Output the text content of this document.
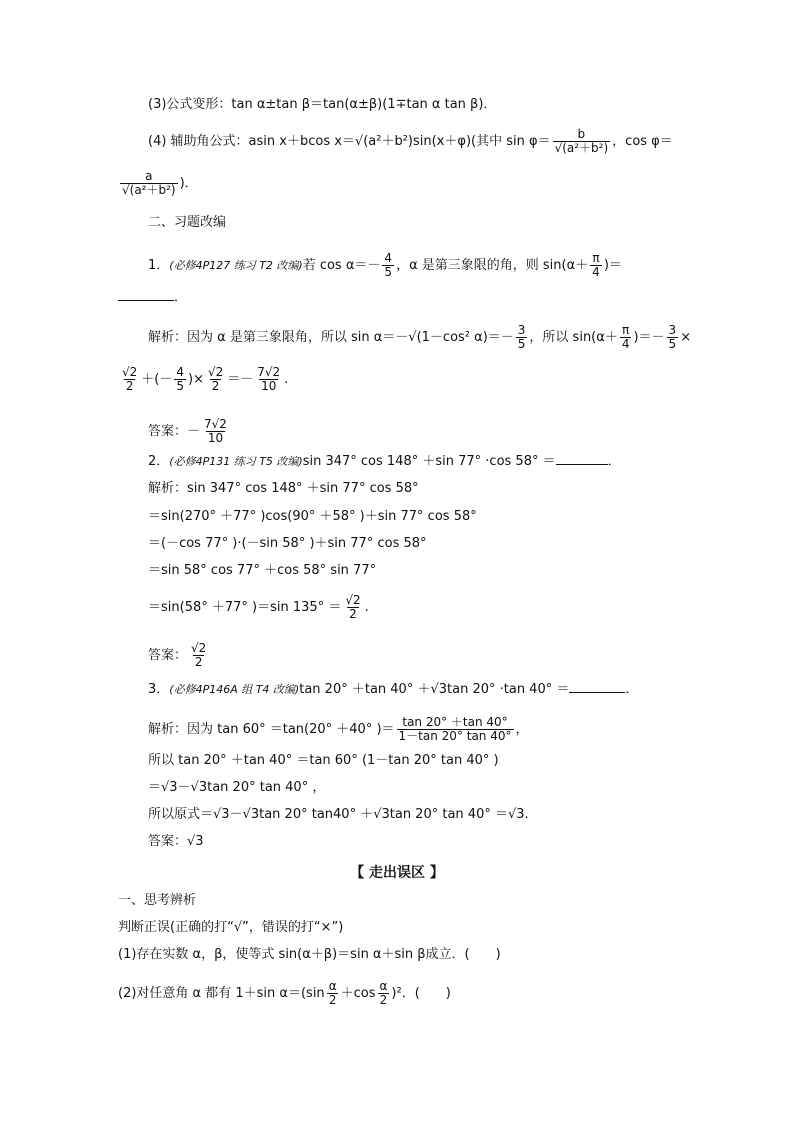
(3)公式变形：tan α±tan β＝tan(α±β)(1∓tan α tan β)．
(4) 辅助角公式：asin x＋bcos x＝√(a²＋b²)sin(x＋φ)(其中 $\sin \varphi= \frac{b}{\text{√(a²＋b²)}}$ ，cos φ＝
$\frac{a}{\text{√(a²＋b²)}}$ )．
二、习题改编
1．(必修4P127 练习 T2 改编)若 $\cos \alpha=- \frac{4}{5}$ ，α 是第三象限的角，则 $\sin(\alpha+ \frac{\pi}{4}$ )＝
．
解析：因为 α 是第三象限角，所以 sin α＝－√(1－cos² $\alpha)=- \frac{3}{5}$ ，所以 $\sin(\alpha+ \frac{\pi}{4}$ )＝－ $\frac{3}{5}$ ×
$\frac{√2}{2}$ ＋(－ $\frac{4}{5}$ )× $\frac{√2}{2} =- \frac{7√2}{10}$ .
答案：－ $\frac{7√2}{10}$
2．(必修4P131 练习 T5 改编)sin 347° cos 148° ＋sin 77° ·cos 58° ＝	．
解析：sin 347° cos 148° ＋sin 77° cos 58°
＝sin(270° ＋77° )cos(90° ＋58° )＋sin 77° cos 58°
＝(－cos 77° )·(－sin 58° )＋sin 77° cos 58°
＝sin 58° cos 77° ＋cos 58° sin 77°
＝sin(58° ＋77° )＝sin $135^\circ = \frac{√2}{2}$ .
答案： $\frac{√2}{2}$
3．(必修4P146A 组 T4 改编)tan 20° ＋tan 40° ＋√3tan 20° ·tan 40° ＝	．
解析：因为 tan 60° ＝tan(20° ＋40° )＝ $\frac{\tan 20^\circ +\tan 40^\circ}{1-\tan 20^\circ \tan 40^\circ}$ ，
所以 tan 20° ＋tan 40° ＝tan 60° (1－tan 20° tan 40° )
＝√3－√3tan 20° tan 40° ，
所以原式＝√3－√3tan 20° tan40° ＋√3tan 20° tan 40° ＝√3.
答案：√3
【 走出误区 】
一、思考辨析
判断正误(正确的打“√”，错误的打“×”)
(1)存在实数 α，β，使等式 sin(α＋β)＝sin α＋sin β成立．(　　)
(2)对任意角 α 都有 1＋sin $\alpha=(\sin \frac{\alpha}{2} +\cos \frac{\alpha}{2} )^2$．(　　)
